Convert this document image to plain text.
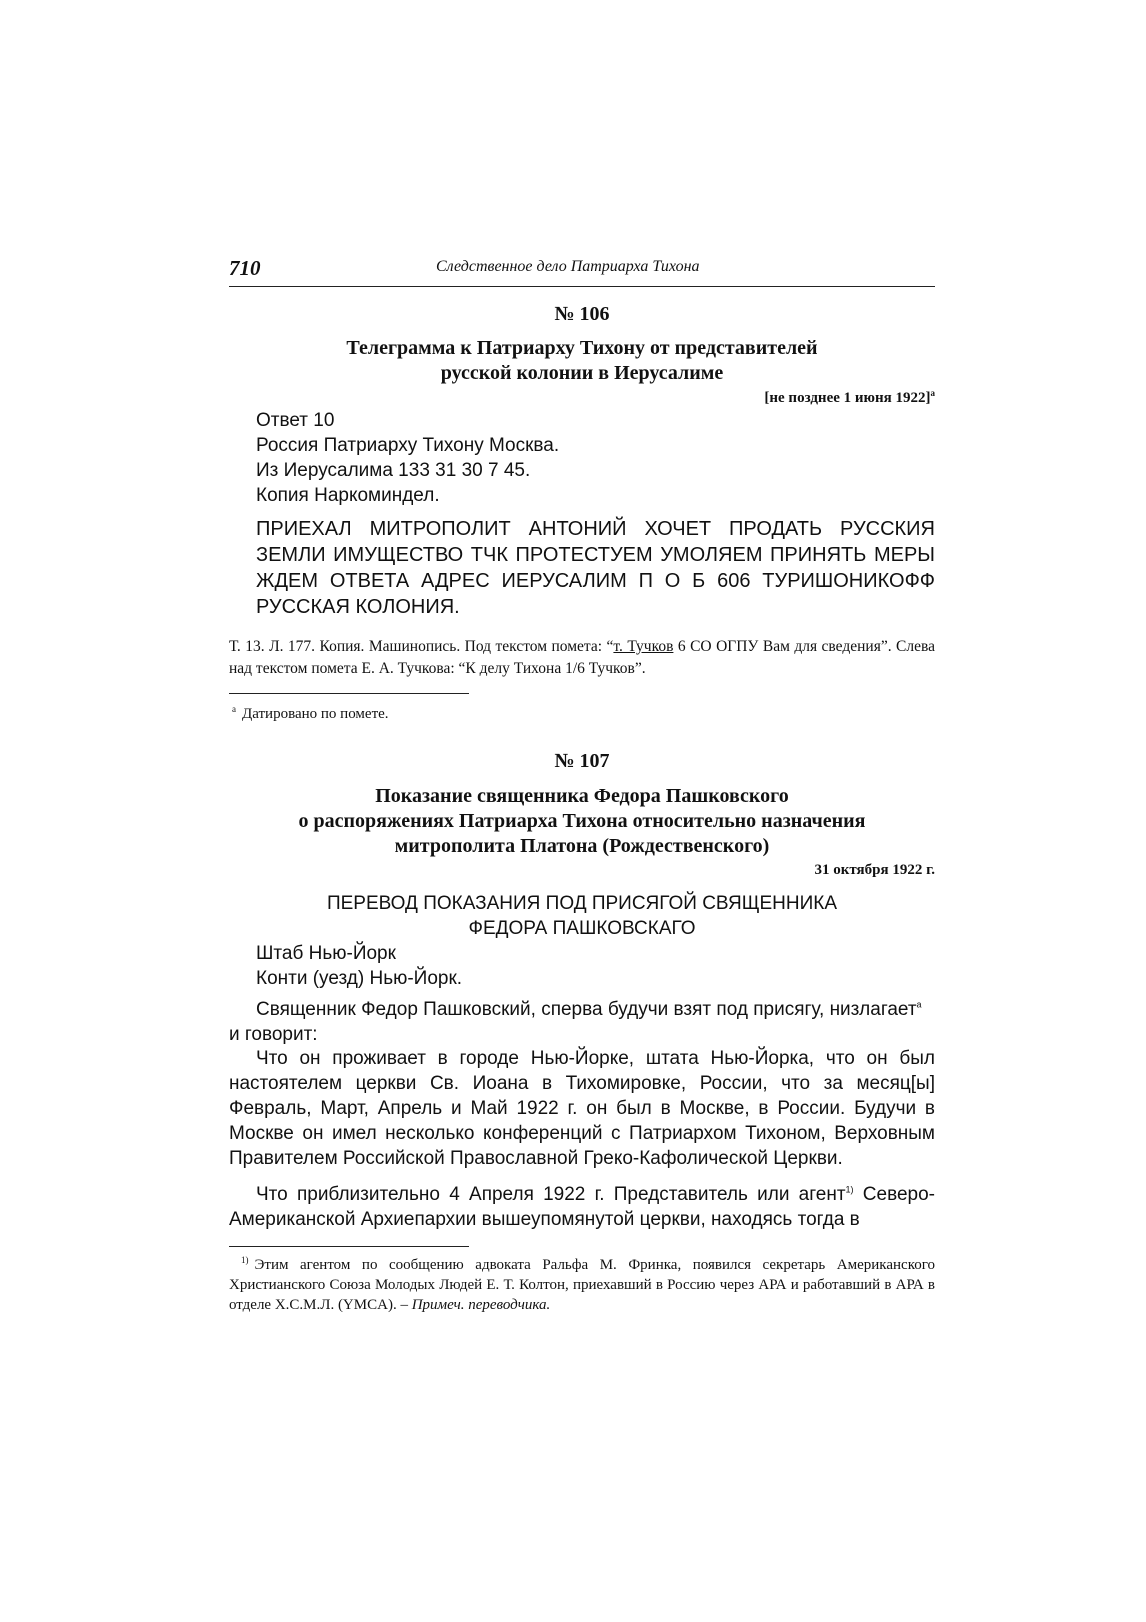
710	Следственное дело Патриарха Тихона
№ 106
Телеграмма к Патриарху Тихону от представителей
русской колонии в Иерусалиме
[не позднее 1 июня 1922]$^a$
Ответ 10
Россия Патриарху Тихону Москва.
Из Иерусалима 133 31 30 7 45.
Копия Наркоминдел.
ПРИЕХАЛ МИТРОПОЛИТ АНТОНИЙ ХОЧЕТ ПРОДАТЬ РУССКИЯ ЗЕМЛИ ИМУЩЕСТВО ТЧК ПРОТЕСТУЕМ УМОЛЯЕМ ПРИНЯТЬ МЕРЫ ЖДЕМ ОТВЕТА АДРЕС ИЕРУСАЛИМ П О Б 606 ТУРИШОНИКОФФ РУССКАЯ КОЛОНИЯ.
Т. 13. Л. 177. Копия. Машинопись. Под текстом помета: “т. Тучков 6 СО ОГПУ Вам для сведения”. Слева над текстом помета Е. А. Тучкова: “К делу Тихона 1/6 Тучков”.
$^a$ Датировано по помете.
№ 107
Показание священника Федора Пашковского
о распоряжениях Патриарха Тихона относительно назначения
митрополита Платона (Рождественского)
31 октября 1922 г.
ПЕРЕВОД ПОКАЗАНИЯ ПОД ПРИСЯГОЙ СВЯЩЕННИКА
ФЕДОРА ПАШКОВСКАГО
Штаб Нью-Йорк
Конти (уезд) Нью-Йорк.
Священник Федор Пашковский, сперва будучи взят под присягу, низлагает$^a$
и говорит:
Что он проживает в городе Нью-Йорке, штата Нью-Йорка, что он был настоятелем церкви Св. Иоана в Тихомировке, России, что за месяц[ы] Февраль, Март, Апрель и Май 1922 г. он был в Москве, в России. Будучи в Москве он имел несколько конференций с Патриархом Тихоном, Верховным Правителем Российской Православной Греко-Кафолической Церкви.
Что приблизительно 4 Апреля 1922 г. Представитель или агент$^{1)}$ Северо-Американской Архиепархии вышеупомянутой церкви, находясь тогда в
$^{1)}$ Этим агентом по сообщению адвоката Ральфа М. Фринка, появился секретарь Американского Христианского Союза Молодых Людей Е. Т. Колтон, приехавший в Россию через АРА и работавший в АРА в отделе Х.С.М.Л. (YMCA). – Примеч. переводчика.
